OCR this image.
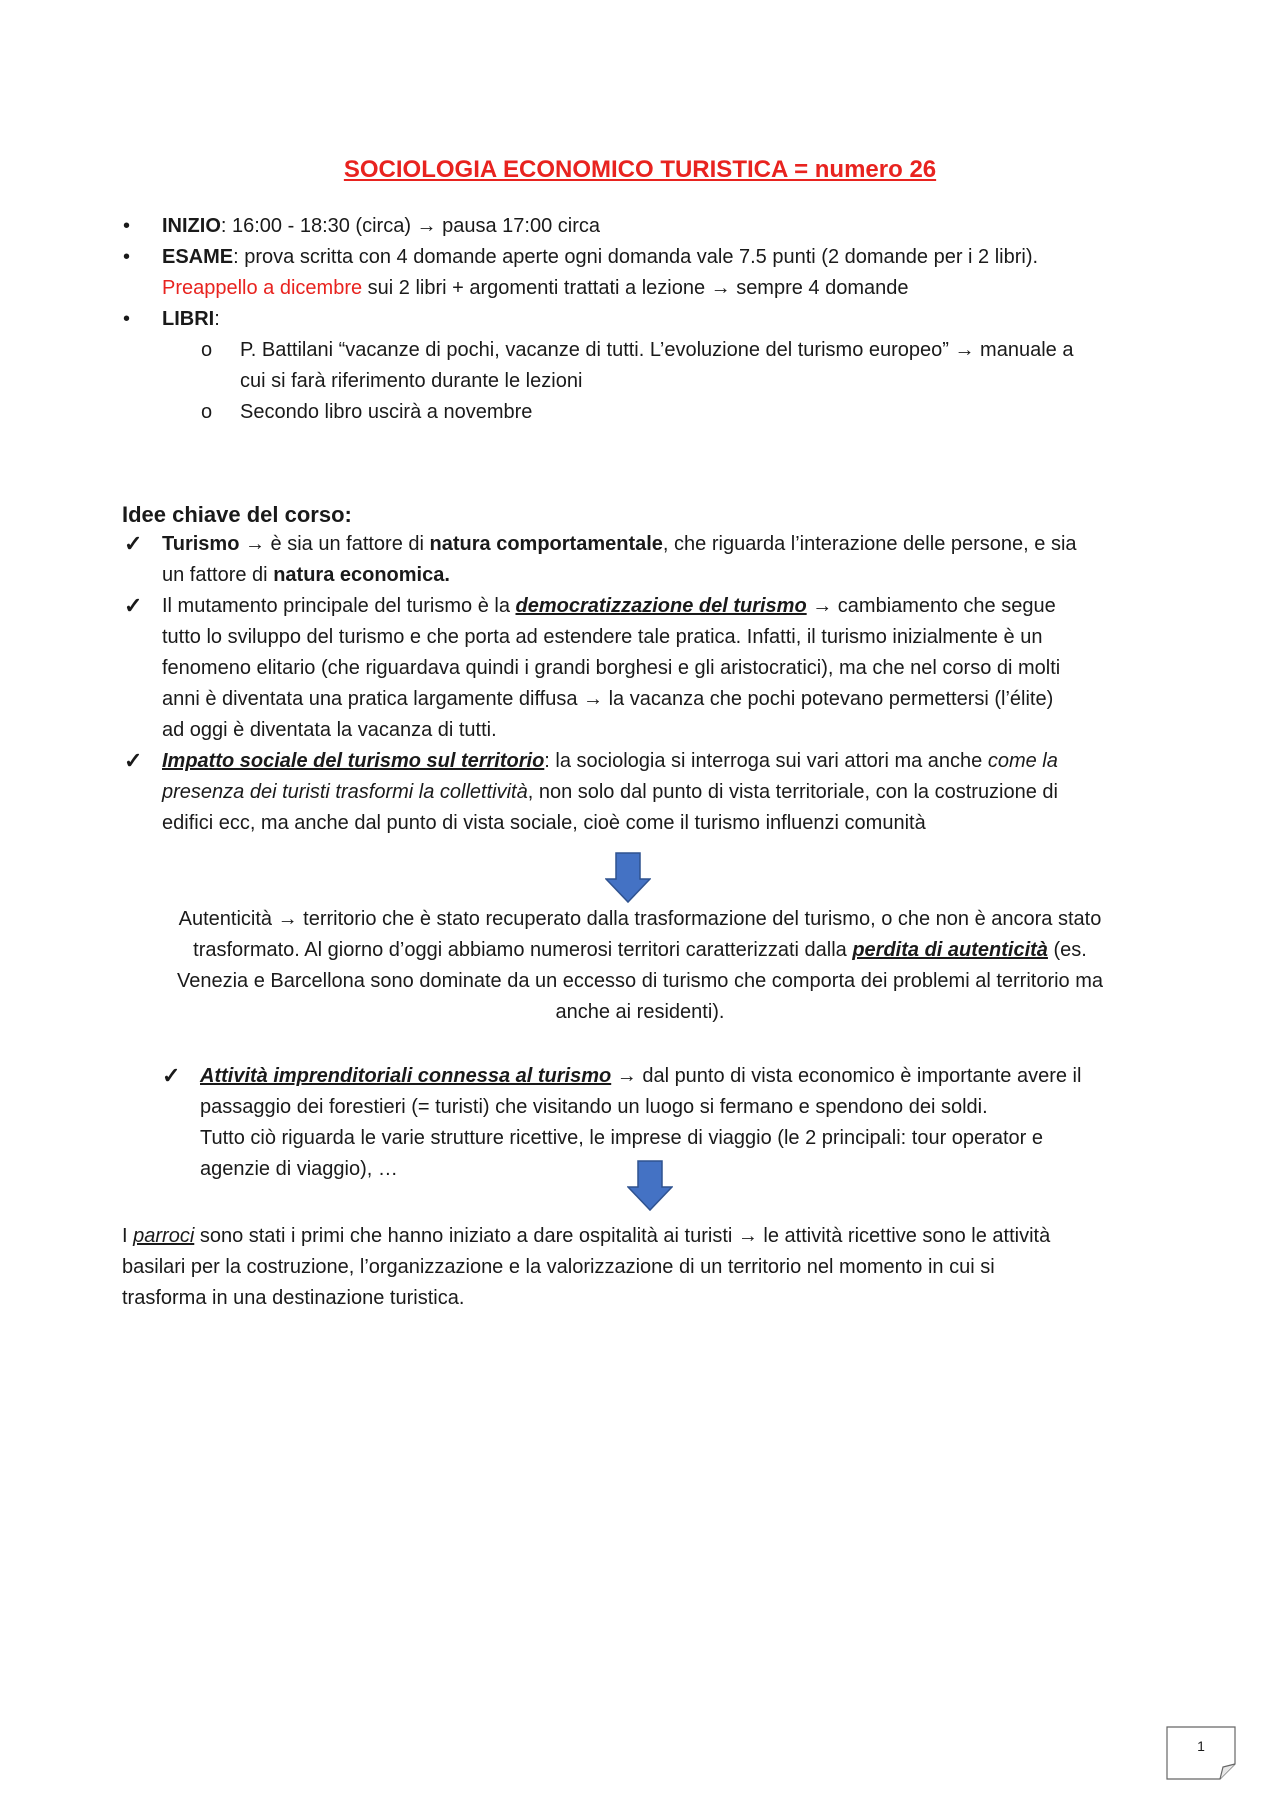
SOCIOLOGIA ECONOMICO TURISTICA = numero 26
• INIZIO: 16:00 - 18:30 (circa) → pausa 17:00 circa
• ESAME: prova scritta con 4 domande aperte ogni domanda vale 7.5 punti (2 domande per i 2 libri).
Preappello a dicembre sui 2 libri + argomenti trattati a lezione → sempre 4 domande
• LIBRI:
o P. Battilani “vacanze di pochi, vacanze di tutti. L’evoluzione del turismo europeo” → manuale a
cui si farà riferimento durante le lezioni
o Secondo libro uscirà a novembre
Idee chiave del corso:
✓ Turismo → è sia un fattore di natura comportamentale, che riguarda l’interazione delle persone, e sia
un fattore di natura economica.
✓ Il mutamento principale del turismo è la democratizzazione del turismo → cambiamento che segue
tutto lo sviluppo del turismo e che porta ad estendere tale pratica. Infatti, il turismo inizialmente è un
fenomeno elitario (che riguardava quindi i grandi borghesi e gli aristocratici), ma che nel corso di molti
anni è diventata una pratica largamente diffusa → la vacanza che pochi potevano permettersi (l’élite)
ad oggi è diventata la vacanza di tutti.
✓ Impatto sociale del turismo sul territorio: la sociologia si interroga sui vari attori ma anche come la
presenza dei turisti trasformi la collettività, non solo dal punto di vista territoriale, con la costruzione di
edifici ecc, ma anche dal punto di vista sociale, cioè come il turismo influenzi comunità
Autenticità → territorio che è stato recuperato dalla trasformazione del turismo, o che non è ancora stato
trasformato. Al giorno d’oggi abbiamo numerosi territori caratterizzati dalla perdita di autenticità (es.
Venezia e Barcellona sono dominate da un eccesso di turismo che comporta dei problemi al territorio ma
anche ai residenti).
✓ Attività imprenditoriali connessa al turismo → dal punto di vista economico è importante avere il
passaggio dei forestieri (= turisti) che visitando un luogo si fermano e spendono dei soldi.
Tutto ciò riguarda le varie strutture ricettive, le imprese di viaggio (le 2 principali: tour operator e
agenzie di viaggio), …
I parroci sono stati i primi che hanno iniziato a dare ospitalità ai turisti → le attività ricettive sono le attività
basilari per la costruzione, l’organizzazione e la valorizzazione di un territorio nel momento in cui si
trasforma in una destinazione turistica.
1
